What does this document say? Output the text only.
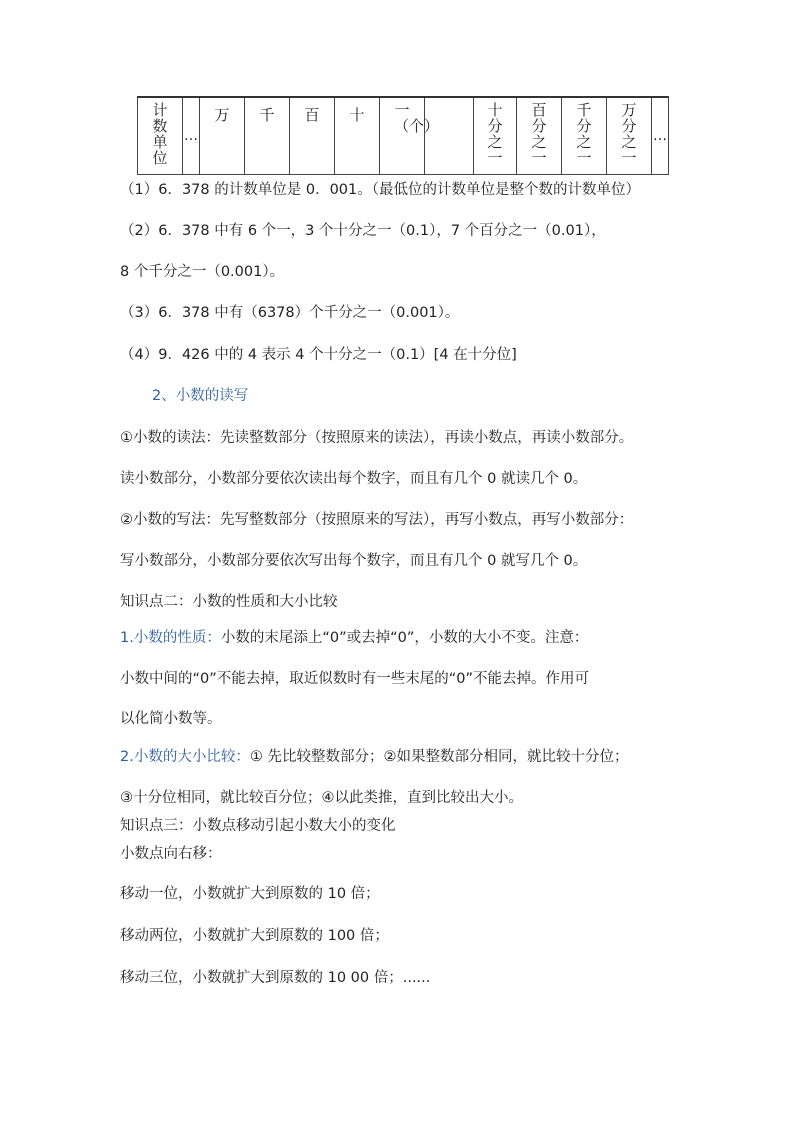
计数单位	…	万	千	百	十	一（个）		十分之一	百分之一	千分之一	万分之一	…
（1）6．378 的计数单位是 0．001。（最低位的计数单位是整个数的计数单位）
（2）6．378 中有 6 个一，3 个十分之一（0.1），7 个百分之一（0.01），
8 个千分之一（0.001）。
（3）6．378 中有（6378）个千分之一（0.001）。
（4）9．426 中的 4 表示 4 个十分之一（0.1）[4 在十分位]
2、小数的读写
①小数的读法：先读整数部分（按照原来的读法），再读小数点，再读小数部分。
读小数部分，小数部分要依次读出每个数字，而且有几个 0 就读几个 0。
②小数的写法：先写整数部分（按照原来的写法），再写小数点，再写小数部分：
写小数部分，小数部分要依次写出每个数字，而且有几个 0 就写几个 0。
知识点二：小数的性质和大小比较
1.小数的性质：小数的末尾添上“0”或去掉“0”，小数的大小不变。注意：
小数中间的“0”不能去掉，取近似数时有一些末尾的“0”不能去掉。作用可
以化简小数等。
2.小数的大小比较：① 先比较整数部分；②如果整数部分相同，就比较十分位；
③十分位相同，就比较百分位；④以此类推，直到比较出大小。
知识点三：小数点移动引起小数大小的变化
小数点向右移：
移动一位，小数就扩大到原数的 10 倍；
移动两位，小数就扩大到原数的 100 倍；
移动三位，小数就扩大到原数的 10 00 倍；......
